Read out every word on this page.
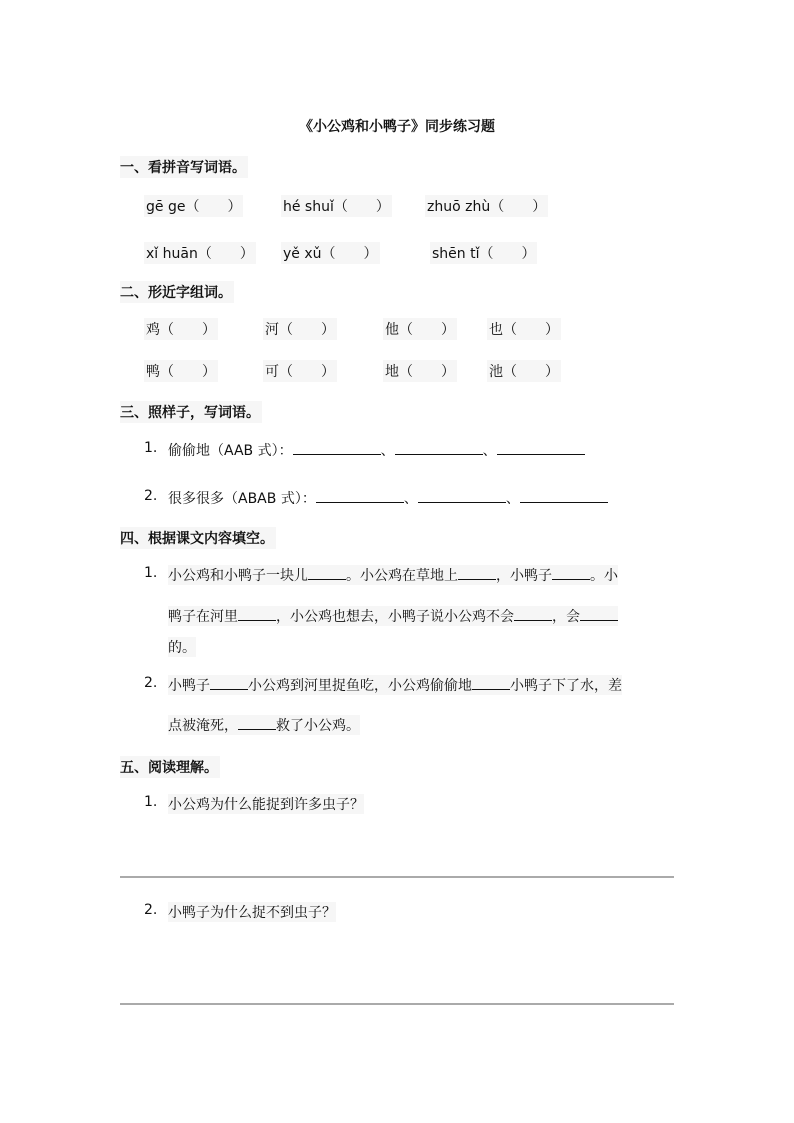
《小公鸡和小鸭子》同步练习题
一、看拼音写词语。
gē ge（　　）	hé shuǐ（　　）	zhuō zhù（　　）
xǐ huān（　　） yě xǔ（　　）	shēn tǐ（　　）
二、形近字组词。
鸡（　　）	河（　　）	他（　　） 也（　　）
鸭（　　）	可（　　）	地（　　） 池（　　）
三、照样子，写词语。
1. 偷偷地（AAB 式）：	、	、
2. 很多很多（ABAB 式）：	、	、
四、根据课文内容填空。
1. 小公鸡和小鸭子一块儿	。小公鸡在草地上	，小鸭子	。小
鸭子在河里	，小公鸡也想去，小鸭子说小公鸡不会	，会
的。
2. 小鸭子	小公鸡到河里捉鱼吃，小公鸡偷偷地	小鸭子下了水，差
点被淹死，	救了小公鸡。
五、阅读理解。
1. 小公鸡为什么能捉到许多虫子？
2. 小鸭子为什么捉不到虫子？
